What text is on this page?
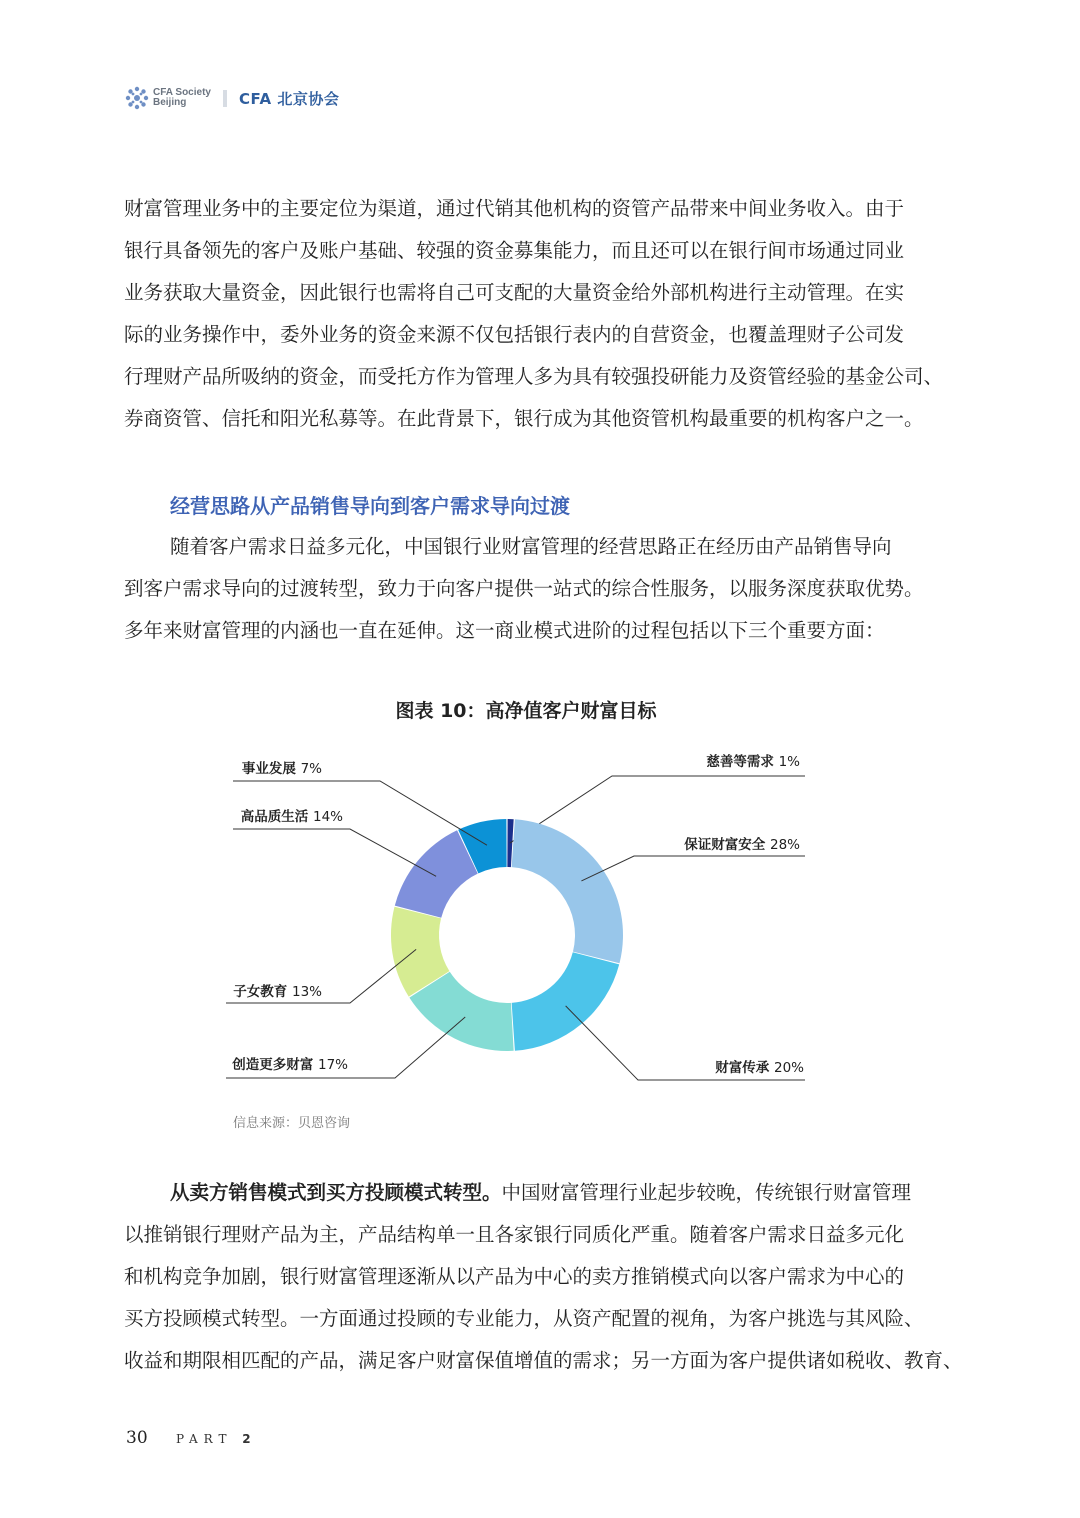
CFA Society
Beijing	CFA 北京协会

财富管理业务中的主要定位为渠道，通过代销其他机构的资管产品带来中间业务收入。由于
银行具备领先的客户及账户基础、较强的资金募集能力，而且还可以在银行间市场通过同业
业务获取大量资金，因此银行也需将自己可支配的大量资金给外部机构进行主动管理。在实
际的业务操作中，委外业务的资金来源不仅包括银行表内的自营资金，也覆盖理财子公司发
行理财产品所吸纳的资金，而受托方作为管理人多为具有较强投研能力及资管经验的基金公司、
券商资管、信托和阳光私募等。在此背景下，银行成为其他资管机构最重要的机构客户之一。

经营思路从产品销售导向到客户需求导向过渡

随着客户需求日益多元化，中国银行业财富管理的经营思路正在经历由产品销售导向
到客户需求导向的过渡转型，致力于向客户提供一站式的综合性服务，以服务深度获取优势。
多年来财富管理的内涵也一直在延伸。这一商业模式进阶的过程包括以下三个重要方面：

图表 10：高净值客户财富目标
慈善等需求 1%
保证财富安全 28%
财富传承 20%
创造更多财富 17%
子女教育 13%
高品质生活 14%
事业发展 7%
信息来源：贝恩咨询

从卖方销售模式到买方投顾模式转型。中国财富管理行业起步较晚，传统银行财富管理
以推销银行理财产品为主，产品结构单一且各家银行同质化严重。随着客户需求日益多元化
和机构竞争加剧，银行财富管理逐渐从以产品为中心的卖方推销模式向以客户需求为中心的
买方投顾模式转型。一方面通过投顾的专业能力，从资产配置的视角，为客户挑选与其风险、
收益和期限相匹配的产品，满足客户财富保值增值的需求；另一方面为客户提供诸如税收、教育、

30 PART 2
